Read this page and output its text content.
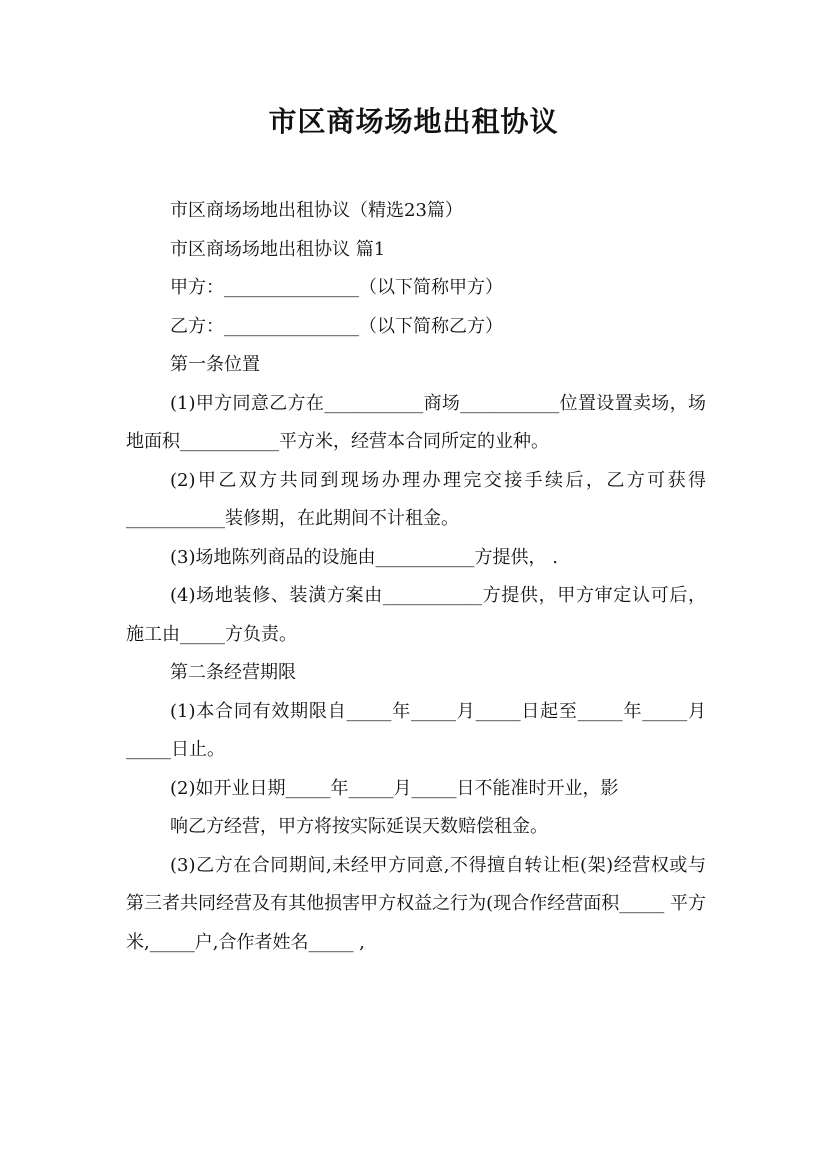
市区商场场地出租协议

市区商场场地出租协议（精选23篇）

市区商场场地出租协议 篇1

甲方：_______________（以下简称甲方）

乙方：_______________（以下简称乙方）

第一条位置

(1)甲方同意乙方在___________商场___________位置设置卖场，场地面积___________平方米，经营本合同所定的业种。

(2)甲乙双方共同到现场办理办理完交接手续后，乙方可获得___________装修期，在此期间不计租金。

(3)场地陈列商品的设施由___________方提供， .

(4)场地装修、装潢方案由___________方提供，甲方审定认可后，施工由_____方负责。

第二条经营期限

(1)本合同有效期限自_____年_____月_____日起至_____年_____月_____日止。

(2)如开业日期_____年_____月_____日不能准时开业，影

响乙方经营，甲方将按实际延误天数赔偿租金。

(3)乙方在合同期间,未经甲方同意,不得擅自转让柜(架)经营权或与第三者共同经营及有其他损害甲方权益之行为(现合作经营面积_____ 平方米,_____户,合作者姓名_____ ,
